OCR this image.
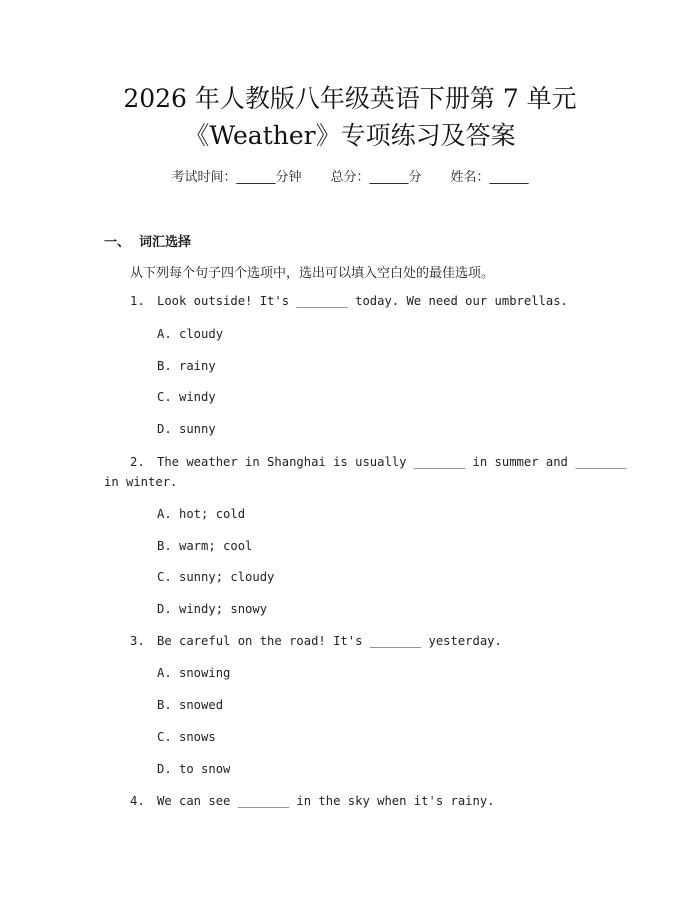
2026 年人教版八年级英语下册第 7 单元
《Weather》专项练习及答案
考试时间：______分钟 总分：______分 姓名：______
一、  词汇选择
从下列每个句子四个选项中，选出可以填入空白处的最佳选项。
1. Look outside! It's _______ today. We need our umbrellas.
A. cloudy
B. rainy
C. windy
D. sunny
2. The weather in Shanghai is usually _______ in summer and _______
in winter.
A. hot; cold
B. warm; cool
C. sunny; cloudy
D. windy; snowy
3. Be careful on the road! It's _______ yesterday.
A. snowing
B. snowed
C. snows
D. to snow
4. We can see _______ in the sky when it's rainy.
